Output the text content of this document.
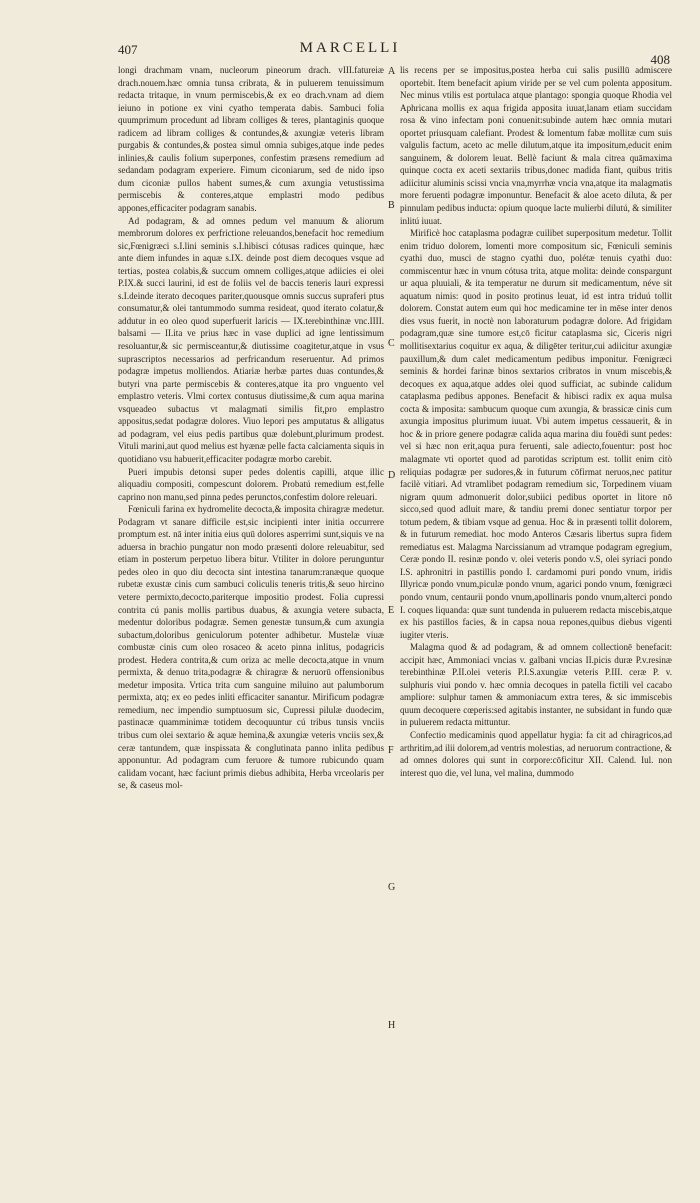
407	MARCELLI
408

longi drachmam vnam, nucleorum pineorum drach. vIII.fatureiæ drach.nouem.hæc omnia tunsa cribrata, & in puluerem tenuissimum redacta tritaque, in vnum permiscebis,& ex eo drach.vnam ad diem ieiuno in potione ex vini cyatho temperata dabis. Sambuci folia quumprimum procedunt ad libram colliges & teres, plantaginis quoque radicem ad libram colliges & contundes,& axungiæ veteris libram purgabis & contundes,& postea simul omnia subiges,atque inde pedes inlinies,& caulis folium superpones, confestim præsens remedium ad sedandam podagram experiere. Fimum ciconiarum, sed de nido ipso dum ciconiæ pullos habent sumes,& cum axungia vetustissima permiscebis & conteres,atque emplastri modo pedibus appones,efficaciter podagram sanabis.

Ad podagram, & ad omnes pedum vel manuum & aliorum membrorum dolores ex perfrictione releuandos,benefacit hoc remedium sic,Fœnigræci s.I.lini seminis s.I.hibisci cótusas radices quinque, hæc ante diem infundes in aquæ s.IX. deinde post diem decoques vsque ad tertias, postea colabis,& succum omnem colliges,atque adiicies ei olei P.IX.& succi laurini, id est de foliis vel de baccis teneris lauri expressi s.I.deinde iterato decoques pariter,quousque omnis succus supraferi ptus consumatur,& olei tantummodo summa resideat, quod iterato colatur,& addutur in eo oleo quod superfuerit laricis — IX.terebinthinæ vnc.IIII. balsami — II.ita ve prius hæc in vase duplici ad igne lentissimum resoluantur,& sic permisceantur,& diutissime coagitetur,atque in vsus suprascriptos necessarios ad perfricandum reseruentur. Ad primos podagræ impetus molliendos. Atiariæ herbæ partes duas contundes,& butyri vna parte permiscebis & conteres,atque ita pro vnguento vel emplastro veteris. Vlmi cortex contusus diutissime,& cum aqua marina vsqueadeo subactus vt malagmati similis fit,pro emplastro appositus,sedat podagræ dolores. Viuo lepori pes amputatus & alligatus ad podagram, vel eius pedis partibus quæ dolebunt,plurimum prodest. Vituli marini,aut quod melius est hyænæ pelle facta calciamenta siquis in quotidiano vsu habuerit,efficaciter podagræ morbo carebit.

Pueri impubis detonsi super pedes dolentis capilli, atque illic aliquadiu compositi, compescunt dolorem. Probatú remedium est,felle caprino non manu,sed pinna pedes perunctos,confestim dolore releuari.

Fœniculi farina ex hydromelite decocta,& imposita chiragræ medetur. Podagram vt sanare difficile est,sic incipienti inter initia occurrere promptum est. nā inter initia eius quū dolores asperrimi sunt,siquis ve na aduersa in brachio pungatur non modo præsenti dolore releuabitur, sed etiam in posterum perpetuo libera bitur. Vtiliter in dolore perunguntur pedes oleo in quo diu decocta sint intestina tanarum:ranæque quoque rubetæ exustæ cinis cum sambuci coliculis teneris tritis,& seuo hircino vetere permixto,decocto,pariterque impositio prodest. Folia cupressi contrita cú panis mollis partibus duabus, & axungia vetere subacta, medentur doloribus podagræ. Semen genestæ tunsum,& cum axungia subactum,doloribus geniculorum potenter adhibetur. Mustelæ viuæ combustæ cinis cum oleo rosaceo & aceto pinna inlitus, podagricis prodest. Hedera contrita,& cum oriza ac melle decocta,atque in vnum permixta, & denuo trita,podagræ & chiragræ & neruorū offensionibus medetur imposita. Vrtica trita cum sanguine miluino aut palumborum permixta, atq; ex eo pedes inliti efficaciter sanantur. Mirificum podagræ remedium, nec impendio sumptuosum sic, Cupressi pilulæ duodecim, pastinacæ quamminimæ totidem decoquuntur cú tribus tunsis vnciis tribus cum olei sextario & aquæ hemina,& axungiæ veteris vnciis sex,& ceræ tantundem, quæ inspissata & conglutinata panno inlita pedibus apponuntur. Ad podagram cum feruore & tumore rubicundo quam calidam vocant, hæc faciunt primis diebus adhibita, Herba vrceolaris per se, & caseus mol-

A
B
C
D
E
F
G
H

lis recens per se impositus,postea herba cui salis pusillū admiscere oportebit. Item benefacit apium viride per se vel cum polenta appositum. Nec minus vtilis est portulaca atque plantago: spongia quoque Rhodia vel Aphricana mollis ex aqua frigida apposita iuuat,lanam etiam succidam rosa & vino infectam poni conuenit:subinde autem hæc omnia mutari oportet priusquam calefiant. Prodest & lomentum fabæ mollitæ cum suis valgulis factum, aceto ac melle dilutum,atque ita impositum,educit enim sanguinem, & dolorem leuat. Bellè faciunt & mala citrea quāmaxima quinque cocta ex aceti sextariis tribus,donec madida fiant, quibus tritis adiicitur aluminis scissi vncia vna,myrrhæ vncia vna,atque ita malagmatis more feruenti podagræ imponuntur. Benefacit & aloe aceto diluta, & per pinnulam pedibus inducta: opium quoque lacte mulierbi dilutú, & similiter inlitú iuuat.

Mirificè hoc cataplasma podagræ cuilibet superpositum medetur. Tollit enim triduo dolorem, lomenti more compositum sic, Fœniculi seminis cyathi duo, musci de stagno cyathi duo, polétæ tenuis cyathi duo: commiscentur hæc in vnum cótusa trita, atque molita: deinde conspargunt ur aqua pluuiali, & ita temperatur ne durum sit medicamentum, néve sit aquatum nimis: quod in posito protinus leuat, id est intra triduú tollit dolorem. Constat autem eum qui hoc medicamine ter in mēse inter denos dies vsus fuerit, in noctè non laboraturum podagræ dolore. Ad frigidam podagram,quæ sine tumore est,cō ficitur cataplasma sic, Ciceris nigri mollitisextarius coquitur ex aqua, & diligēter teritur,cui adiicitur axungiæ pauxillum,& dum calet medicamentum pedibus imponitur. Fœnigræci seminis & hordei farinæ binos sextarios cribratos in vnum miscebis,& decoques ex aqua,atque addes olei quod sufficiat, ac subinde calidum cataplasma pedibus appones. Benefacit & hibisci radix ex aqua mulsa cocta & imposita: sambucum quoque cum axungia, & brassicæ cinis cum axungia impositus plurimum iuuat. Vbi autem impetus cessauerit, & in hoc & in priore genere podagræ calida aqua marina diu fouēdi sunt pedes: vel si hæc non erit,aqua pura feruenti, sale adiecto,fouentur: post hoc malagmate vti oportet quod ad parotidas scriptum est. tollit enim citò reliquias podagræ per sudores,& in futurum cōfirmat neruos,nec patitur facilè vitiari. Ad vtramlibet podagram remedium sic, Torpedinem viuam nigram quum admonuerit dolor,subiici pedibus oportet in litore nō sicco,sed quod adluit mare, & tandiu premi donec sentiatur torpor per totum pedem, & tibiam vsque ad genua. Hoc & in præsenti tollit dolorem, & in futurum remediat. hoc modo Anteros Cæsaris libertus supra fidem remediatus est. Malagma Narcissianum ad vtramque podagram egregium, Ceræ pondo II. resinæ pondo v. olei veteris pondo v.S, olei syriaci pondo I.S. aphronitri in pastillis pondo I. cardamomi puri pondo vnum, iridis Illyricæ pondo vnum,piculæ pondo vnum, agarici pondo vnum, fœnigræci pondo vnum, centaurii pondo vnum,apollinaris pondo vnum,alterci pondo I. coques liquanda: quæ sunt tundenda in puluerem redacta miscebis,atque ex his pastillos facies, & in capsa noua repones,quibus diebus vigenti iugiter vteris.

Malagma quod & ad podagram, & ad omnem collectionē benefacit: accipit hæc, Ammoniaci vncias v. galbani vncias II.picis duræ P.v.resinæ terebinthinæ P.II.olei veteris P.I.S.axungiæ veteris P.III. ceræ P. v. sulphuris viui pondo v. hæc omnia decoques in patella fictili vel cacabo ampliore: sulphur tamen & ammoniacum extra teres, & sic immiscebis quum decoquere cœperis:sed agitabis instanter, ne subsidant in fundo quæ in puluerem redacta mittuntur.

Confectio medicaminis quod appellatur hygia: fa cit ad chiragricos,ad arthritim,ad ilii dolorem,ad ventris molestias, ad neruorum contractione, & ad omnes dolores qui sunt in corpore:cōficitur XII. Calend. Iul. non interest quo die, vel luna, vel malina, dummodo
